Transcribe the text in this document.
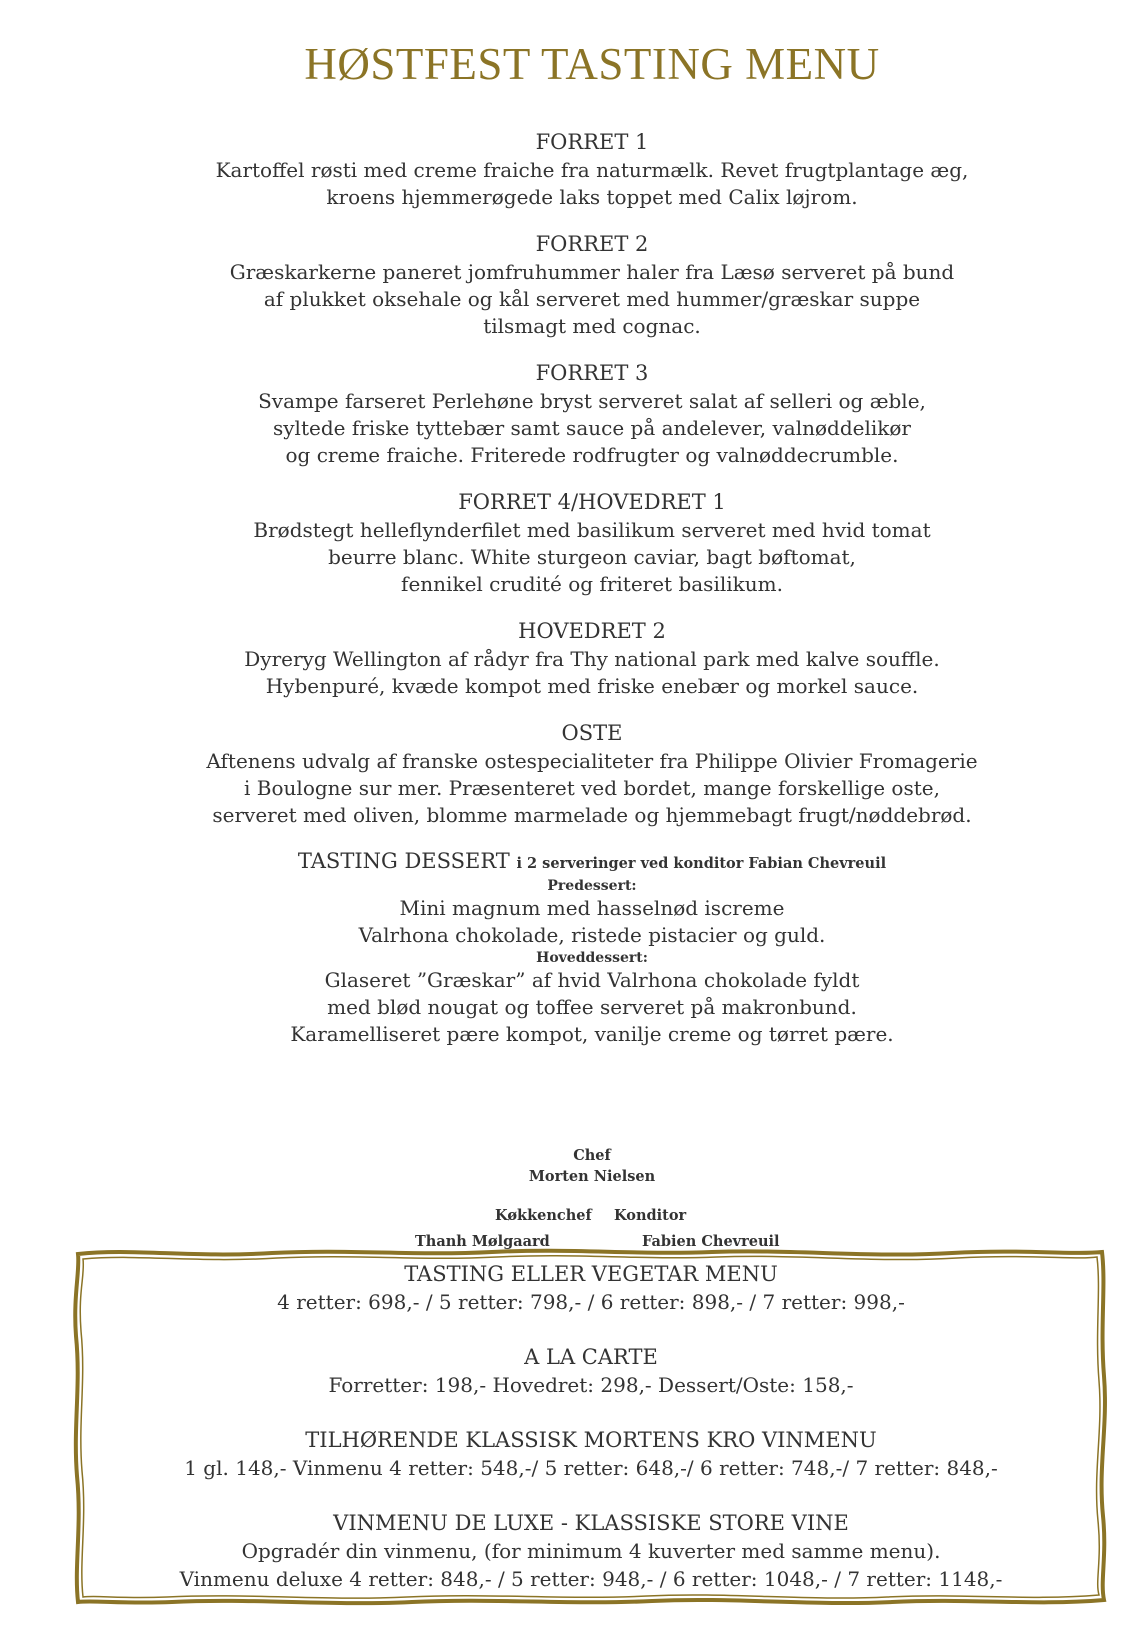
HØSTFEST TASTING MENU
FORRET 1
Kartoffel røsti med creme fraiche fra naturmælk. Revet frugtplantage æg,
kroens hjemmerøgede laks toppet med Calix løjrom.
FORRET 2
Græskarkerne paneret jomfruhummer haler fra Læsø serveret på bund
af plukket oksehale og kål serveret med hummer/græskar suppe
tilsmagt med cognac.
FORRET 3
Svampe farseret Perlehøne bryst serveret salat af selleri og æble,
syltede friske tyttebær samt sauce på andelever, valnøddelikør
og creme fraiche. Friterede rodfrugter og valnøddecrumble.
FORRET 4/HOVEDRET 1
Brødstegt helleflynderfilet med basilikum serveret med hvid tomat
beurre blanc. White sturgeon caviar, bagt bøftomat,
fennikel crudité og friteret basilikum.
HOVEDRET 2
Dyreryg Wellington af rådyr fra Thy national park med kalve souffle.
Hybenpuré, kvæde kompot med friske enebær og morkel sauce.
OSTE
Aftenens udvalg af franske ostespecialiteter fra Philippe Olivier Fromagerie
i Boulogne sur mer. Præsenteret ved bordet, mange forskellige oste,
serveret med oliven, blomme marmelade og hjemmebagt frugt/nøddebrød.
TASTING DESSERT i 2 serveringer ved konditor Fabian Chevreuil
Predessert:
Mini magnum med hasselnød iscreme
Valrhona chokolade, ristede pistacier og guld.
Hoveddessert:
Glaseret ”Græskar” af hvid Valrhona chokolade fyldt
med blød nougat og toffee serveret på makronbund.
Karamelliseret pære kompot, vanilje creme og tørret pære.
Chef
Morten Nielsen
Køkkenchef Konditor
Thanh Mølgaard	Fabien Chevreuil
TASTING ELLER VEGETAR MENU
4 retter: 698,- / 5 retter: 798,- / 6 retter: 898,- / 7 retter: 998,-
A LA CARTE
Forretter: 198,- Hovedret: 298,- Dessert/Oste: 158,-
TILHØRENDE KLASSISK MORTENS KRO VINMENU
1 gl. 148,- Vinmenu 4 retter: 548,-/ 5 retter: 648,-/ 6 retter: 748,-/ 7 retter: 848,-
VINMENU DE LUXE - KLASSISKE STORE VINE
Opgradér din vinmenu, (for minimum 4 kuverter med samme menu).
Vinmenu deluxe 4 retter: 848,- / 5 retter: 948,- / 6 retter: 1048,- / 7 retter: 1148,-
